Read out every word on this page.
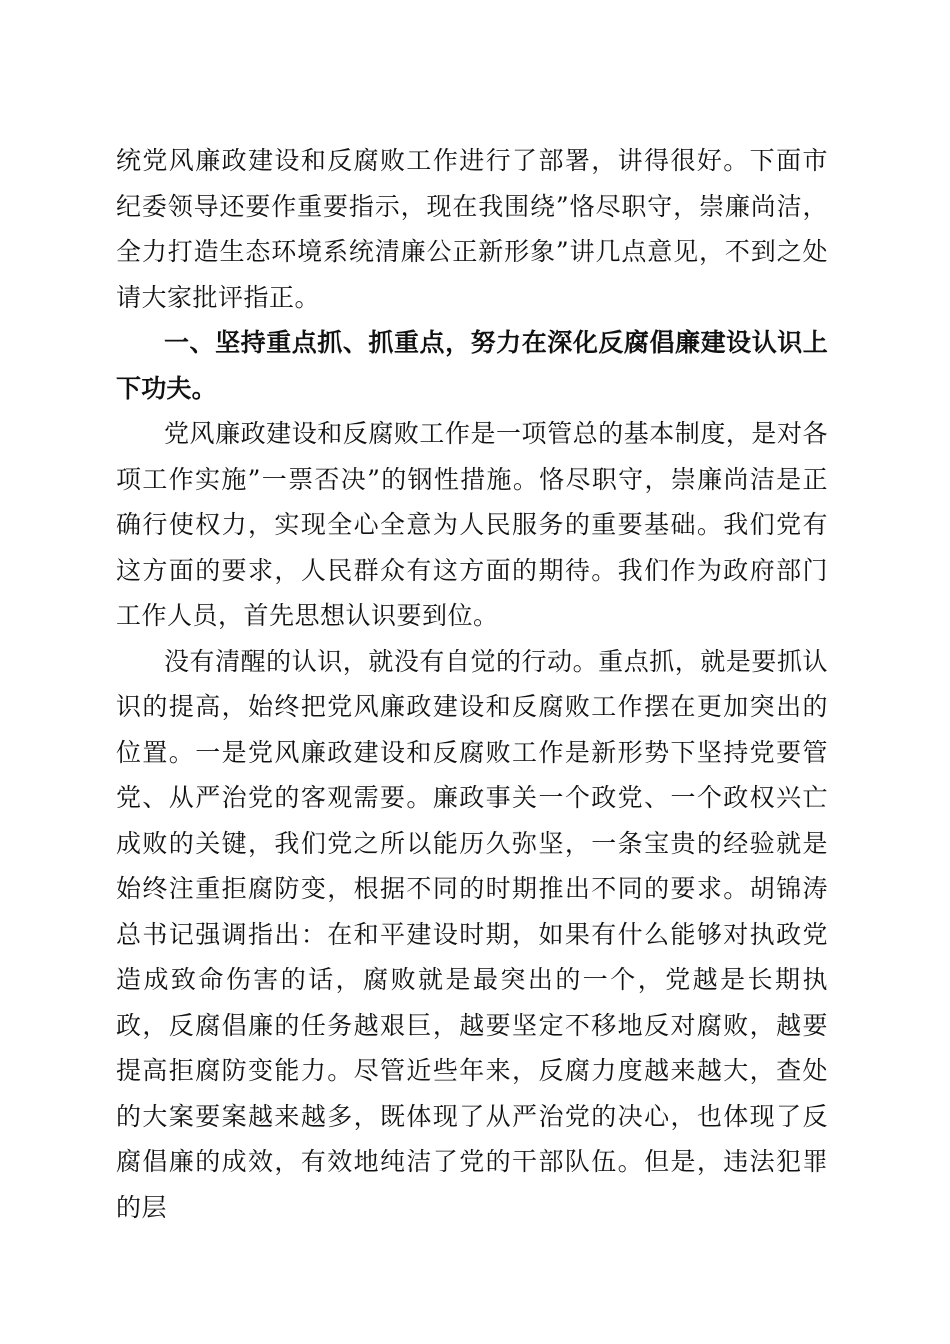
统党风廉政建设和反腐败工作进行了部署，讲得很好。下面市纪委领导还要作重要指示，现在我围绕”恪尽职守，崇廉尚洁，全力打造生态环境系统清廉公正新形象”讲几点意见，不到之处请大家批评指正。

一、坚持重点抓、抓重点，努力在深化反腐倡廉建设认识上下功夫。

党风廉政建设和反腐败工作是一项管总的基本制度，是对各项工作实施”一票否决”的钢性措施。恪尽职守，崇廉尚洁是正确行使权力，实现全心全意为人民服务的重要基础。我们党有这方面的要求，人民群众有这方面的期待。我们作为政府部门工作人员，首先思想认识要到位。

没有清醒的认识，就没有自觉的行动。重点抓，就是要抓认识的提高，始终把党风廉政建设和反腐败工作摆在更加突出的位置。一是党风廉政建设和反腐败工作是新形势下坚持党要管党、从严治党的客观需要。廉政事关一个政党、一个政权兴亡成败的关键，我们党之所以能历久弥坚，一条宝贵的经验就是始终注重拒腐防变，根据不同的时期推出不同的要求。胡锦涛总书记强调指出：在和平建设时期，如果有什么能够对执政党造成致命伤害的话，腐败就是最突出的一个，党越是长期执政，反腐倡廉的任务越艰巨，越要坚定不移地反对腐败，越要提高拒腐防变能力。尽管近些年来，反腐力度越来越大，查处的大案要案越来越多，既体现了从严治党的决心，也体现了反腐倡廉的成效，有效地纯洁了党的干部队伍。但是，违法犯罪的层
